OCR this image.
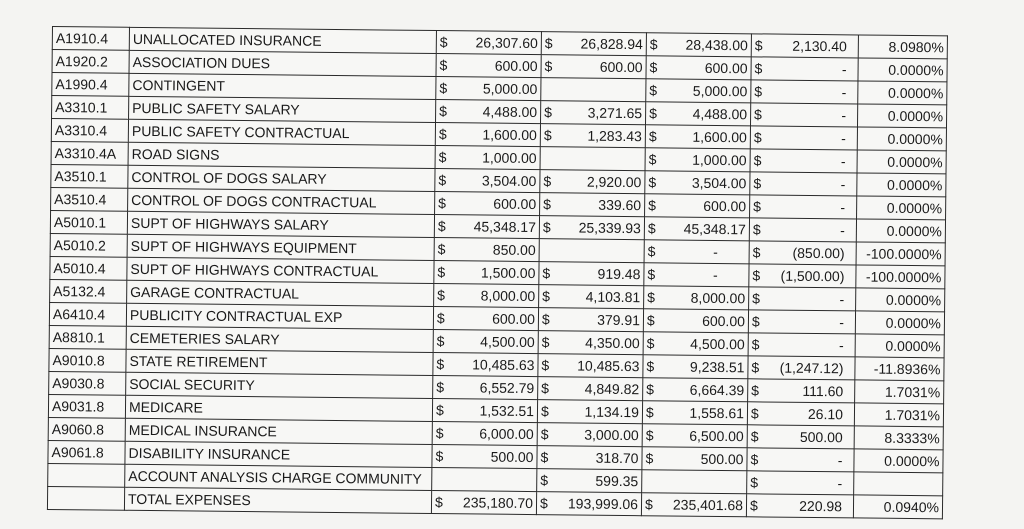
A1910.4	UNALLOCATED INSURANCE	$ 26,307.60	$ 26,828.94	$ 28,438.00	$ 2,130.40	8.0980%
A1920.2	ASSOCIATION DUES	$ 600.00	$ 600.00	$ 600.00	$ -	0.0000%
A1990.4	CONTINGENT	$ 5,000.00		$ 5,000.00	$ -	0.0000%
A3310.1	PUBLIC SAFETY SALARY	$ 4,488.00	$ 3,271.65	$ 4,488.00	$ -	0.0000%
A3310.4	PUBLIC SAFETY CONTRACTUAL	$ 1,600.00	$ 1,283.43	$ 1,600.00	$ -	0.0000%
A3310.4A	ROAD SIGNS	$ 1,000.00		$ 1,000.00	$ -	0.0000%
A3510.1	CONTROL OF DOGS SALARY	$ 3,504.00	$ 2,920.00	$ 3,504.00	$ -	0.0000%
A3510.4	CONTROL OF DOGS CONTRACTUAL	$ 600.00	$ 339.60	$ 600.00	$ -	0.0000%
A5010.1	SUPT OF HIGHWAYS SALARY	$ 45,348.17	$ 25,339.93	$ 45,348.17	$ -	0.0000%
A5010.2	SUPT OF HIGHWAYS EQUIPMENT	$ 850.00		$ -	$ (850.00)	-100.0000%
A5010.4	SUPT OF HIGHWAYS CONTRACTUAL	$ 1,500.00	$ 919.48	$ -	$ (1,500.00)	-100.0000%
A5132.4	GARAGE CONTRACTUAL	$ 8,000.00	$ 4,103.81	$ 8,000.00	$ -	0.0000%
A6410.4	PUBLICITY CONTRACTUAL EXP	$ 600.00	$ 379.91	$ 600.00	$ -	0.0000%
A8810.1	CEMETERIES SALARY	$ 4,500.00	$ 4,350.00	$ 4,500.00	$ -	0.0000%
A9010.8	STATE RETIREMENT	$ 10,485.63	$ 10,485.63	$ 9,238.51	$ (1,247.12)	-11.8936%
A9030.8	SOCIAL SECURITY	$ 6,552.79	$ 4,849.82	$ 6,664.39	$ 111.60	1.7031%
A9031.8	MEDICARE	$ 1,532.51	$ 1,134.19	$ 1,558.61	$ 26.10	1.7031%
A9060.8	MEDICAL INSURANCE	$ 6,000.00	$ 3,000.00	$ 6,500.00	$ 500.00	8.3333%
A9061.8	DISABILITY INSURANCE	$ 500.00	$ 318.70	$ 500.00	$ -	0.0000%
	ACCOUNT ANALYSIS CHARGE COMMUNITY		$ 599.35		$ -	

	TOTAL EXPENSES	$ 235,180.70	$ 193,999.06	$ 235,401.68	$ 220.98	0.0940%
